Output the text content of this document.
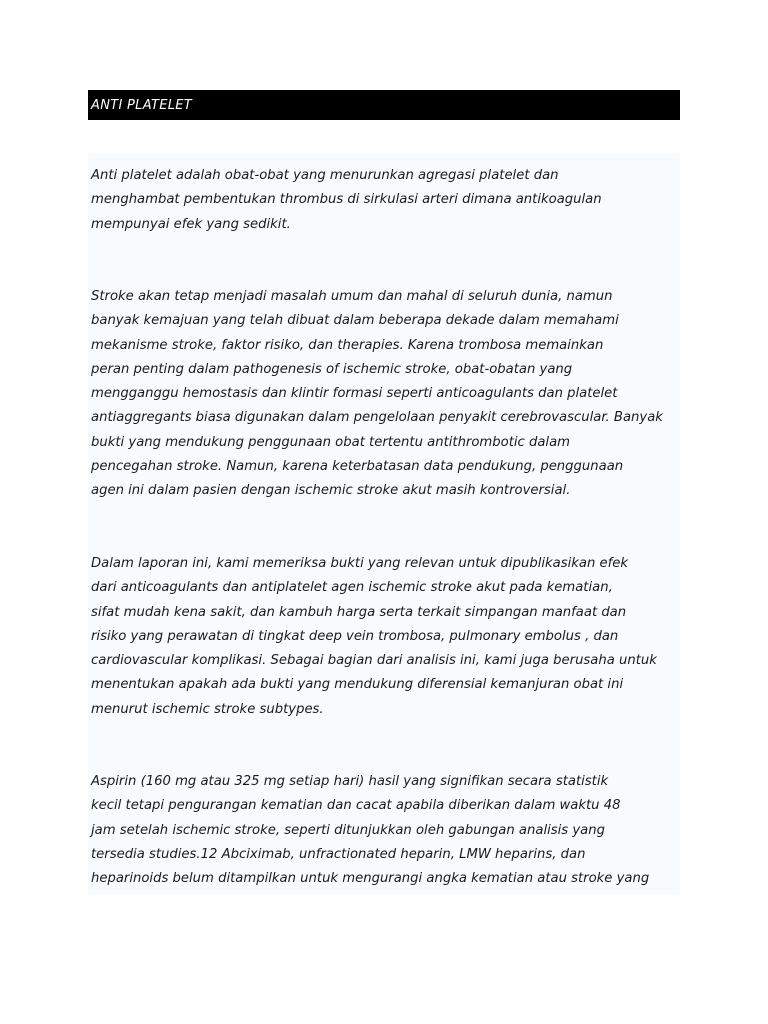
ANTI PLATELET

Anti platelet adalah obat-obat yang menurunkan agregasi platelet dan
menghambat pembentukan thrombus di sirkulasi arteri dimana antikoagulan
mempunyai efek yang sedikit.

Stroke akan tetap menjadi masalah umum dan mahal di seluruh dunia, namun
banyak kemajuan yang telah dibuat dalam beberapa dekade dalam memahami
mekanisme stroke, faktor risiko, dan therapies. Karena trombosa memainkan
peran penting dalam pathogenesis of ischemic stroke, obat-obatan yang
mengganggu hemostasis dan klintir formasi seperti anticoagulants dan platelet
antiaggregants biasa digunakan dalam pengelolaan penyakit cerebrovascular. Banyak
bukti yang mendukung penggunaan obat tertentu antithrombotic dalam
pencegahan stroke. Namun, karena keterbatasan data pendukung, penggunaan
agen ini dalam pasien dengan ischemic stroke akut masih kontroversial.

Dalam laporan ini, kami memeriksa bukti yang relevan untuk dipublikasikan efek
dari anticoagulants dan antiplatelet agen ischemic stroke akut pada kematian,
sifat mudah kena sakit, dan kambuh harga serta terkait simpangan manfaat dan
risiko yang perawatan di tingkat deep vein trombosa, pulmonary embolus , dan
cardiovascular komplikasi. Sebagai bagian dari analisis ini, kami juga berusaha untuk
menentukan apakah ada bukti yang mendukung diferensial kemanjuran obat ini
menurut ischemic stroke subtypes.

Aspirin (160 mg atau 325 mg setiap hari) hasil yang signifikan secara statistik
kecil tetapi pengurangan kematian dan cacat apabila diberikan dalam waktu 48
jam setelah ischemic stroke, seperti ditunjukkan oleh gabungan analisis yang
tersedia studies.12 Abciximab, unfractionated heparin, LMW heparins, dan
heparinoids belum ditampilkan untuk mengurangi angka kematian atau stroke yang
